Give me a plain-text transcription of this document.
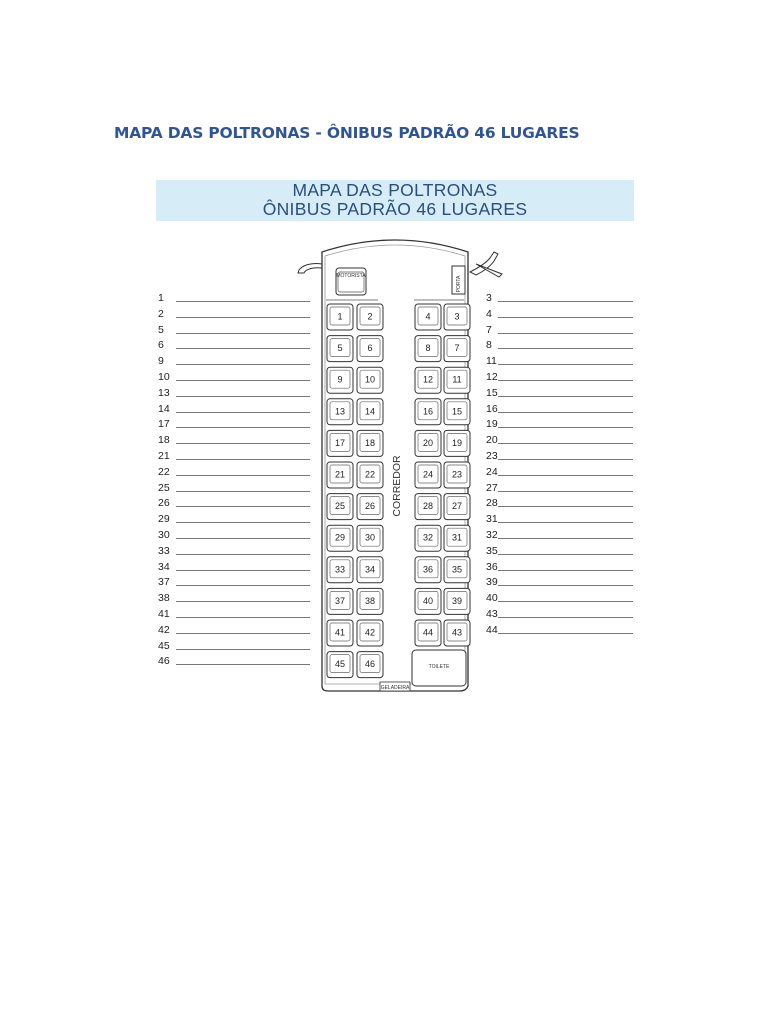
MAPA DAS POLTRONAS - ÔNIBUS PADRÃO 46 LUGARES
MAPA DAS POLTRONAS
ÔNIBUS PADRÃO 46 LUGARES
1
2
5
6
9
10
13
14
17
18
21
22
25
26
29
30
33
34
37
38
41
42
45
46
3
4
7
8
11
12
15
16
19
20
23
24
27
28
31
32
35
36
39
40
43
44
MOTORISTA	PORTA
CORREDOR
1	2
5	6
9 10
13 14
17 18
21 22
25 26
29 30
33 34
37 38
41 42
45 46
4	3
8	7
12 11
16 15
20 19
24 23
28 27
32 31
36 35
40 39
44 43
TOILETE
GELADEIRA
